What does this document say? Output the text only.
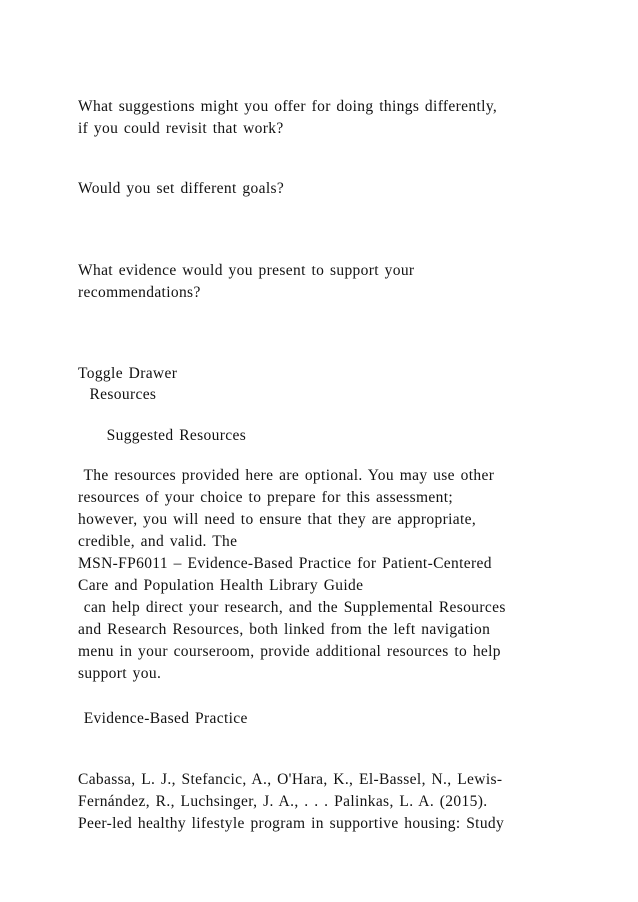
What suggestions might you offer for doing things differently,
if you could revisit that work?
Would you set different goals?
What evidence would you present to support your
recommendations?
Toggle Drawer
Resources
Suggested Resources
The resources provided here are optional. You may use other
resources of your choice to prepare for this assessment;
however, you will need to ensure that they are appropriate,
credible, and valid. The
MSN-FP6011 – Evidence-Based Practice for Patient-Centered
Care and Population Health Library Guide
can help direct your research, and the Supplemental Resources
and Research Resources, both linked from the left navigation
menu in your courseroom, provide additional resources to help
support you.
Evidence-Based Practice
Cabassa, L. J., Stefancic, A., O'Hara, K., El-Bassel, N., Lewis-
Fernández, R., Luchsinger, J. A., . . . Palinkas, L. A. (2015).
Peer-led healthy lifestyle program in supportive housing: Study
